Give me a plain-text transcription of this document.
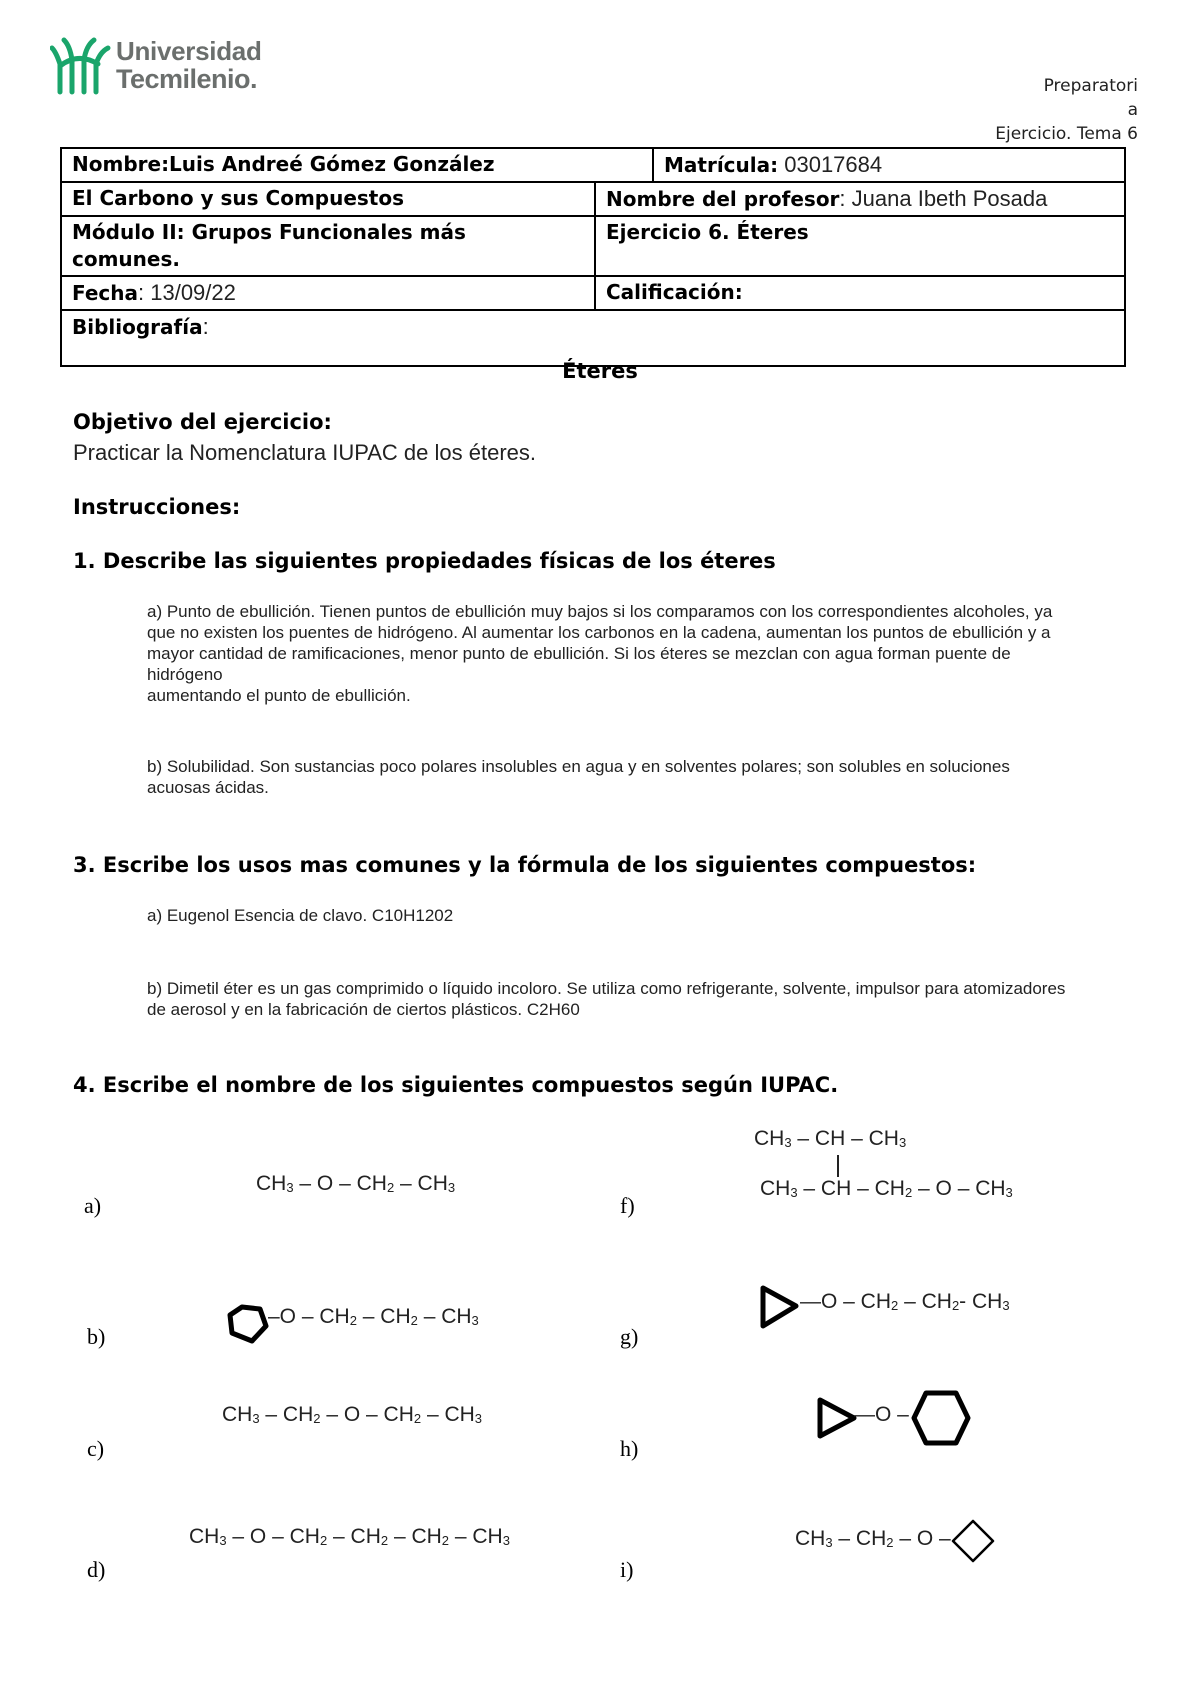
Universidad
Tecmilenio.	Preparatori
a
Ejercicio. Tema 6
Nombre:Luis Andreé Gómez González		Matrícula: 03017684
El Carbono y sus Compuestos	Nombre del profesor: Juana Ibeth Posada	

Módulo II: Grupos Funcionales más
comunes.	Ejercicio 6. Éteres	
Fecha: 13/09/22	Calificación:	
Bibliografía:		
Éteres
Objetivo del ejercicio:
Practicar la Nomenclatura IUPAC de los éteres.
Instrucciones:
1. Describe las siguientes propiedades físicas de los éteres
a) Punto de ebullición. Tienen puntos de ebullición muy bajos si los comparamos con los correspondientes alcoholes, ya
que no existen los puentes de hidrógeno. Al aumentar los carbonos en la cadena, aumentan los puntos de ebullición y a
mayor cantidad de ramificaciones, menor punto de ebullición. Si los éteres se mezclan con agua forman puente de
hidrógeno
aumentando el punto de ebullición.
b) Solubilidad. Son sustancias poco polares insolubles en agua y en solventes polares; son solubles en soluciones
acuosas ácidas.
3. Escribe los usos mas comunes y la fórmula de los siguientes compuestos:
a) Eugenol Esencia de clavo. C10H1202
b) Dimetil éter es un gas comprimido o líquido incoloro. Se utiliza como refrigerante, solvente, impulsor para atomizadores
de aerosol y en la fabricación de ciertos plásticos. C2H60
4. Escribe el nombre de los siguientes compuestos según IUPAC.
a)
b)
c)
d)
f)
g)
h)
i)
$CH_3$ – O – $CH_2 - CH_3$
$-O - CH_2 - CH_2 - CH_3$
$CH_3 - CH_2$ – O – $CH_2 - CH_3$
$CH_3$ – O – $CH_2 - CH_2 - CH_2 - CH_3$
$CH_3$ – CH – $CH_3$
$CH_3$ – CH – $CH_2$ – O – $CH_3$
—O – $CH_2 - CH_2-$ $CH_3$
—O –
$CH_3 - CH_2$ – O –
